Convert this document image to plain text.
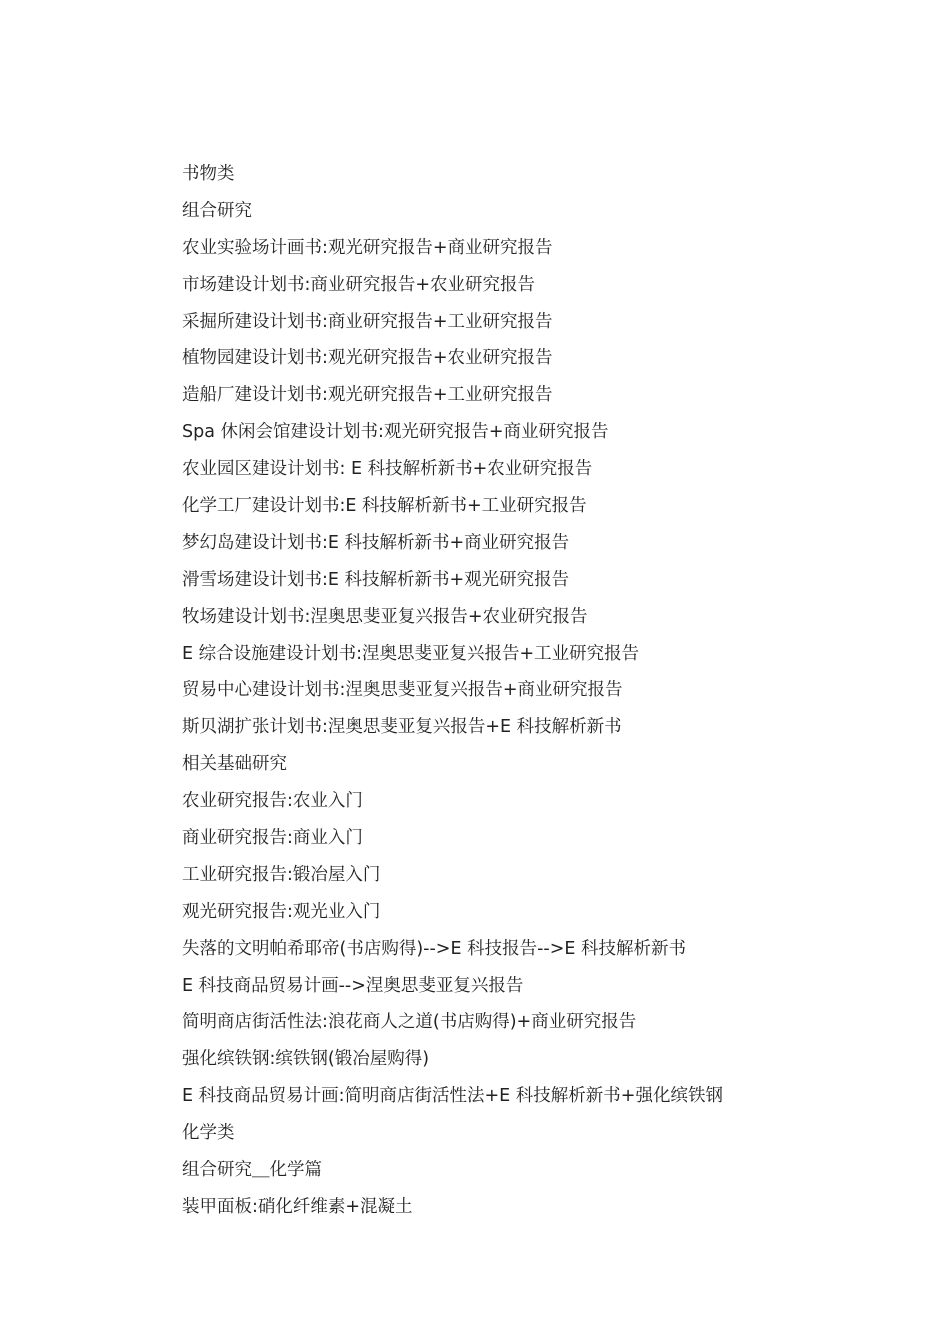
书物类
组合研究
农业实验场计画书:观光研究报告+商业研究报告
市场建设计划书:商业研究报告+农业研究报告
采掘所建设计划书:商业研究报告+工业研究报告
植物园建设计划书:观光研究报告+农业研究报告
造船厂建设计划书:观光研究报告+工业研究报告
Spa 休闲会馆建设计划书:观光研究报告+商业研究报告
农业园区建设计划书: E 科技解析新书+农业研究报告
化学工厂建设计划书:E 科技解析新书+工业研究报告
梦幻岛建设计划书:E 科技解析新书+商业研究报告
滑雪场建设计划书:E 科技解析新书+观光研究报告
牧场建设计划书:涅奥思斐亚复兴报告+农业研究报告
E 综合设施建设计划书:涅奥思斐亚复兴报告+工业研究报告
贸易中心建设计划书:涅奥思斐亚复兴报告+商业研究报告
斯贝湖扩张计划书:涅奥思斐亚复兴报告+E 科技解析新书
相关基础研究
农业研究报告:农业入门
商业研究报告:商业入门
工业研究报告:锻冶屋入门
观光研究报告:观光业入门
失落的文明帕希耶帝(书店购得)-->E 科技报告-->E 科技解析新书
E 科技商品贸易计画-->涅奥思斐亚复兴报告
简明商店街活性法:浪花商人之道(书店购得)+商业研究报告
强化缤铁钢:缤铁钢(锻冶屋购得)
E 科技商品贸易计画:简明商店街活性法+E 科技解析新书+强化缤铁钢
化学类
组合研究＿化学篇
装甲面板:硝化纤维素+混凝土
